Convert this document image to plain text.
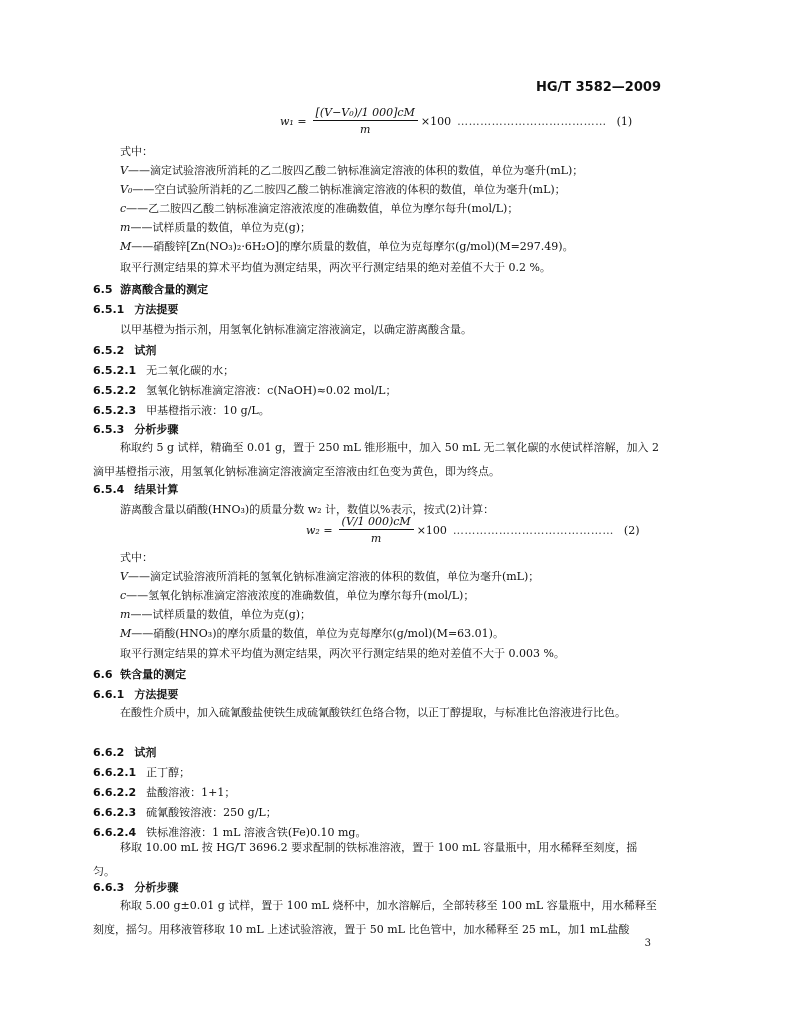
HG/T 3582—2009
$w_1 = \frac{\text{[(V−V₀)/1 000]cM}}{m} \times 100$ ………………………………… (1)
式中：
V——滴定试验溶液所消耗的乙二胺四乙酸二钠标准滴定溶液的体积的数值，单位为毫升(mL)；
V₀——空白试验所消耗的乙二胺四乙酸二钠标准滴定溶液的体积的数值，单位为毫升(mL)；
c——乙二胺四乙酸二钠标准滴定溶液浓度的准确数值，单位为摩尔每升(mol/L)；
m——试样质量的数值，单位为克(g)；
M——硝酸锌[Zn(NO₃)₂·6H₂O]的摩尔质量的数值，单位为克每摩尔(g/mol)(M=297.49)。
取平行测定结果的算术平均值为测定结果，两次平行测定结果的绝对差值不大于 0.2 %。
6.5 游离酸含量的测定
6.5.1 方法提要
以甲基橙为指示剂，用氢氧化钠标准滴定溶液滴定，以确定游离酸含量。
6.5.2 试剂
6.5.2.1 无二氧化碳的水；
6.5.2.2 氢氧化钠标准滴定溶液：c(NaOH)≈0.02 mol/L；
6.5.2.3 甲基橙指示液：10 g/L。
6.5.3 分析步骤
称取约 5 g 试样，精确至 0.01 g，置于 250 mL 锥形瓶中，加入 50 mL 无二氧化碳的水使试样溶解，加入 2 滴甲基橙指示液，用氢氧化钠标准滴定溶液滴定至溶液由红色变为黄色，即为终点。
6.5.4 结果计算
游离酸含量以硝酸(HNO₃)的质量分数 w₂ 计，数值以%表示，按式(2)计算：
$w_2 = \frac{(V/1 000)cM}{m} \times 100$ …………………………………… (2)
式中：
V——滴定试验溶液所消耗的氢氧化钠标准滴定溶液的体积的数值，单位为毫升(mL)；
c——氢氧化钠标准滴定溶液浓度的准确数值，单位为摩尔每升(mol/L)；
m——试样质量的数值，单位为克(g)；
M——硝酸(HNO₃)的摩尔质量的数值，单位为克每摩尔(g/mol)(M=63.01)。
取平行测定结果的算术平均值为测定结果，两次平行测定结果的绝对差值不大于 0.003 %。
6.6 铁含量的测定
6.6.1 方法提要
在酸性介质中，加入硫氰酸盐使铁生成硫氰酸铁红色络合物，以正丁醇提取，与标准比色溶液进行比色。
6.6.2 试剂
6.6.2.1 正丁醇；
6.6.2.2 盐酸溶液：1+1；
6.6.2.3 硫氰酸铵溶液：250 g/L；
6.6.2.4 铁标准溶液：1 mL 溶液含铁(Fe)0.10 mg。
移取 10.00 mL 按 HG/T 3696.2 要求配制的铁标准溶液，置于 100 mL 容量瓶中，用水稀释至刻度，摇匀。
6.6.3 分析步骤
称取 5.00 g±0.01 g 试样，置于 100 mL 烧杯中，加水溶解后，全部转移至 100 mL 容量瓶中，用水稀释至刻度，摇匀。用移液管移取 10 mL 上述试验溶液，置于 50 mL 比色管中，加水稀释至 25 mL，加1 mL盐酸
3
